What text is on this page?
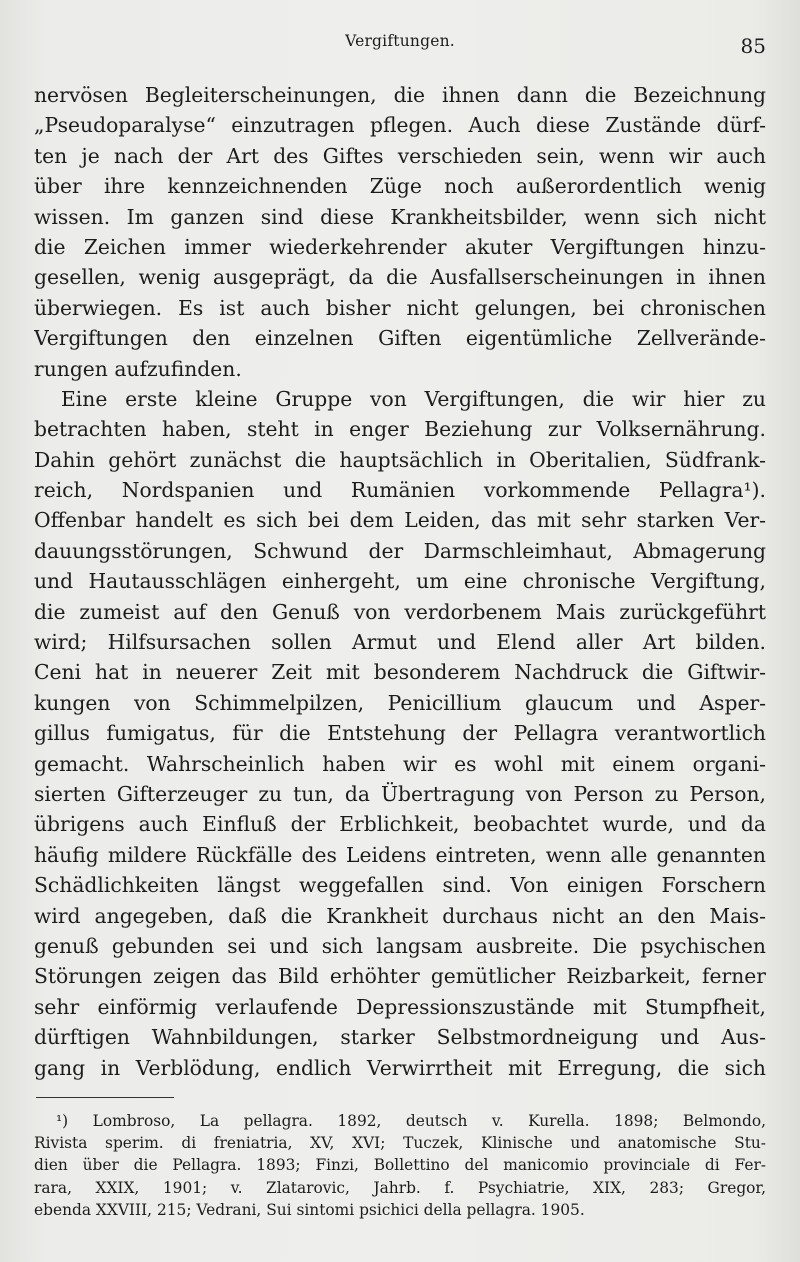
Vergiftungen.	85
nervösen Begleiterscheinungen, die ihnen dann die Bezeichnung
„Pseudoparalyse“ einzutragen pflegen. Auch diese Zustände dürf-
ten je nach der Art des Giftes verschieden sein, wenn wir auch
über ihre kennzeichnenden Züge noch außerordentlich wenig
wissen. Im ganzen sind diese Krankheitsbilder, wenn sich nicht
die Zeichen immer wiederkehrender akuter Vergiftungen hinzu-
gesellen, wenig ausgeprägt, da die Ausfallserscheinungen in ihnen
überwiegen. Es ist auch bisher nicht gelungen, bei chronischen
Vergiftungen den einzelnen Giften eigentümliche Zellverände-
rungen aufzufinden.
Eine erste kleine Gruppe von Vergiftungen, die wir hier zu
betrachten haben, steht in enger Beziehung zur Volksernährung.
Dahin gehört zunächst die hauptsächlich in Oberitalien, Südfrank-
reich, Nordspanien und Rumänien vorkommende Pellagra¹).
Offenbar handelt es sich bei dem Leiden, das mit sehr starken Ver-
dauungsstörungen, Schwund der Darmschleimhaut, Abmagerung
und Hautausschlägen einhergeht, um eine chronische Vergiftung,
die zumeist auf den Genuß von verdorbenem Mais zurückgeführt
wird; Hilfsursachen sollen Armut und Elend aller Art bilden.
Ceni hat in neuerer Zeit mit besonderem Nachdruck die Giftwir-
kungen von Schimmelpilzen, Penicillium glaucum und Asper-
gillus fumigatus, für die Entstehung der Pellagra verantwortlich
gemacht. Wahrscheinlich haben wir es wohl mit einem organi-
sierten Gifterzeuger zu tun, da Übertragung von Person zu Person,
übrigens auch Einfluß der Erblichkeit, beobachtet wurde, und da
häufig mildere Rückfälle des Leidens eintreten, wenn alle genannten
Schädlichkeiten längst weggefallen sind. Von einigen Forschern
wird angegeben, daß die Krankheit durchaus nicht an den Mais-
genuß gebunden sei und sich langsam ausbreite. Die psychischen
Störungen zeigen das Bild erhöhter gemütlicher Reizbarkeit, ferner
sehr einförmig verlaufende Depressionszustände mit Stumpfheit,
dürftigen Wahnbildungen, starker Selbstmordneigung und Aus-
gang in Verblödung, endlich Verwirrtheit mit Erregung, die sich
¹) Lombroso, La pellagra. 1892, deutsch v. Kurella. 1898; Belmondo,
Rivista sperim. di freniatria, XV, XVI; Tuczek, Klinische und anatomische Stu-
dien über die Pellagra. 1893; Finzi, Bollettino del manicomio provinciale di Fer-
rara, XXIX, 1901; v. Zlatarovic, Jahrb. f. Psychiatrie, XIX, 283; Gregor,
ebenda XXVIII, 215; Vedrani, Sui sintomi psichici della pellagra. 1905.
